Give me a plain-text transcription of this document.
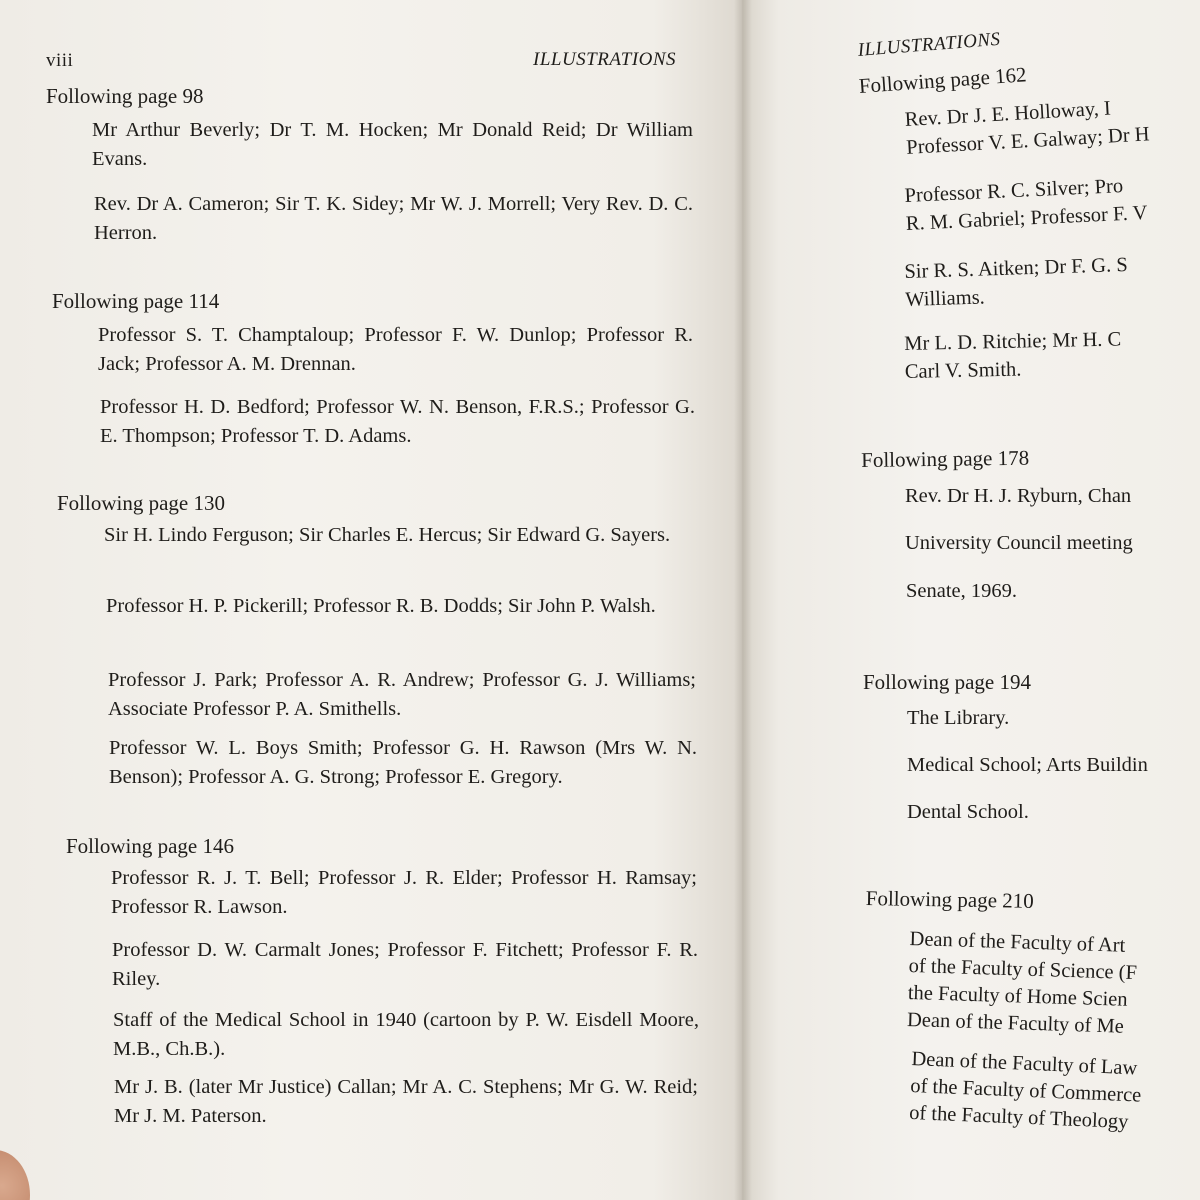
viii	ILLUSTRATIONS
Following page 98
Mr Arthur Beverly; Dr T. M. Hocken; Mr Donald Reid; Dr William Evans.
Rev. Dr A. Cameron; Sir T. K. Sidey; Mr W. J. Morrell; Very Rev. D. C. Herron.
Following page 114
Professor S. T. Champtaloup; Professor F. W. Dunlop; Professor R. Jack; Professor A. M. Drennan.
Professor H. D. Bedford; Professor W. N. Benson, F.R.S.; Professor G. E. Thompson; Professor T. D. Adams.
Following page 130
Sir H. Lindo Ferguson; Sir Charles E. Hercus; Sir Edward G. Sayers.
Professor H. P. Pickerill; Professor R. B. Dodds; Sir John P. Walsh.
Professor J. Park; Professor A. R. Andrew; Professor G. J. Williams; Associate Professor P. A. Smithells.
Professor W. L. Boys Smith; Professor G. H. Rawson (Mrs W. N. Benson); Professor A. G. Strong; Professor E. Gregory.
Following page 146
Professor R. J. T. Bell; Professor J. R. Elder; Professor H. Ramsay; Professor R. Lawson.
Professor D. W. Carmalt Jones; Professor F. Fitchett; Professor F. R. Riley.
Staff of the Medical School in 1940 (cartoon by P. W. Eisdell Moore, M.B., Ch.B.).
Mr J. B. (later Mr Justice) Callan; Mr A. C. Stephens; Mr G. W. Reid; Mr J. M. Paterson.
ILLUSTRATIONS
Following page 162
Rev. Dr J. E. Holloway, I
Professor V. E. Galway; Dr H
Professor R. C. Silver; Pro
R. M. Gabriel; Professor F. V
Sir R. S. Aitken; Dr F. G. S
Williams.
Mr L. D. Ritchie; Mr H. C
Carl V. Smith.
Following page 178
Rev. Dr H. J. Ryburn, Chan
University Council meeting
Senate, 1969.
Following page 194
The Library.
Medical School; Arts Buildin
Dental School.
Following page 210
Dean of the Faculty of Art
of the Faculty of Science (F
the Faculty of Home Scien
Dean of the Faculty of Me
Dean of the Faculty of Law
of the Faculty of Commerce
of the Faculty of Theology
